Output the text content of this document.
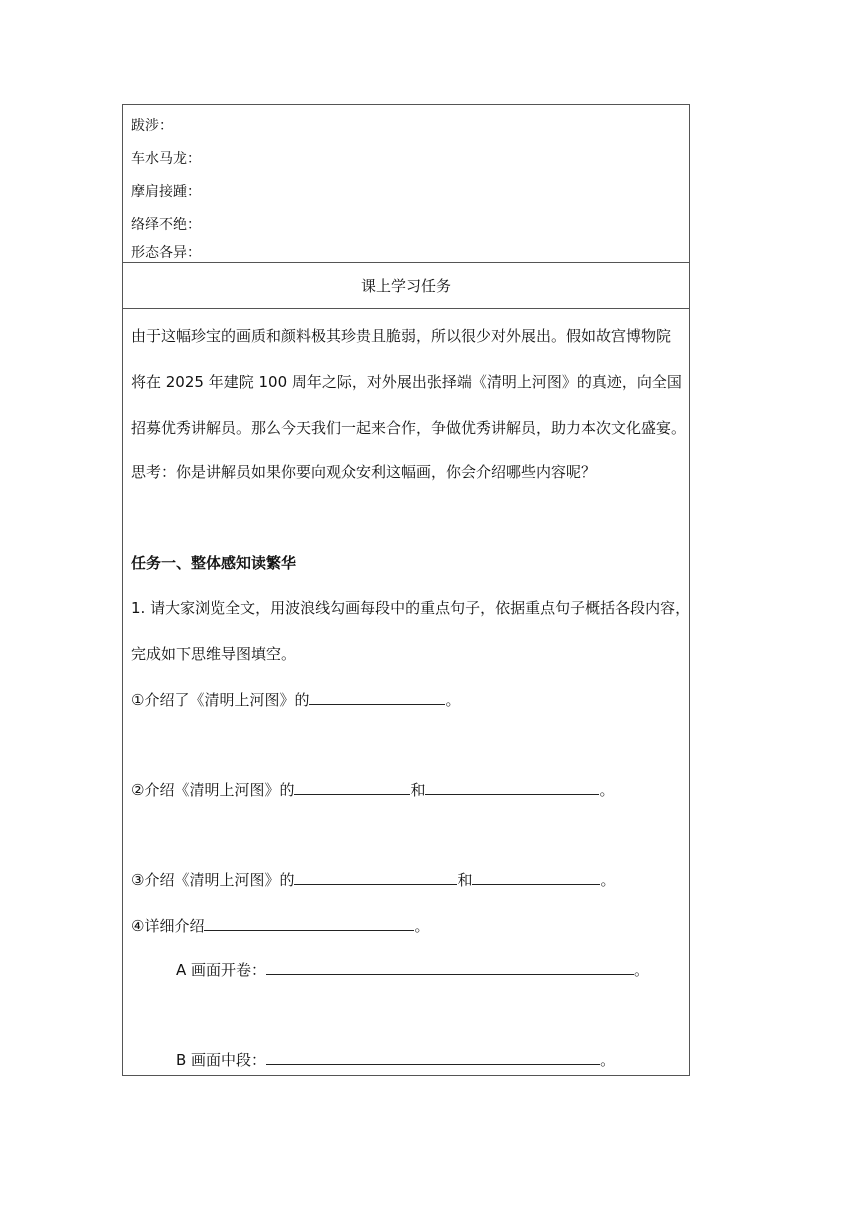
跋涉：
车水马龙：
摩肩接踵：
络绎不绝：
形态各异：
课上学习任务
由于这幅珍宝的画质和颜料极其珍贵且脆弱，所以很少对外展出。假如故宫博物院
将在 2025 年建院 100 周年之际，对外展出张择端《清明上河图》的真迹，向全国
招募优秀讲解员。那么今天我们一起来合作，争做优秀讲解员，助力本次文化盛宴。
思考：你是讲解员如果你要向观众安利这幅画，你会介绍哪些内容呢？
任务一、整体感知读繁华
1. 请大家浏览全文，用波浪线勾画每段中的重点句子，依据重点句子概括各段内容，
完成如下思维导图填空。
①介绍了《清明上河图》的	。
②介绍《清明上河图》的	和	。
③介绍《清明上河图》的	和	。
④详细介绍	。
A 画面开卷：	。
B 画面中段：	。
